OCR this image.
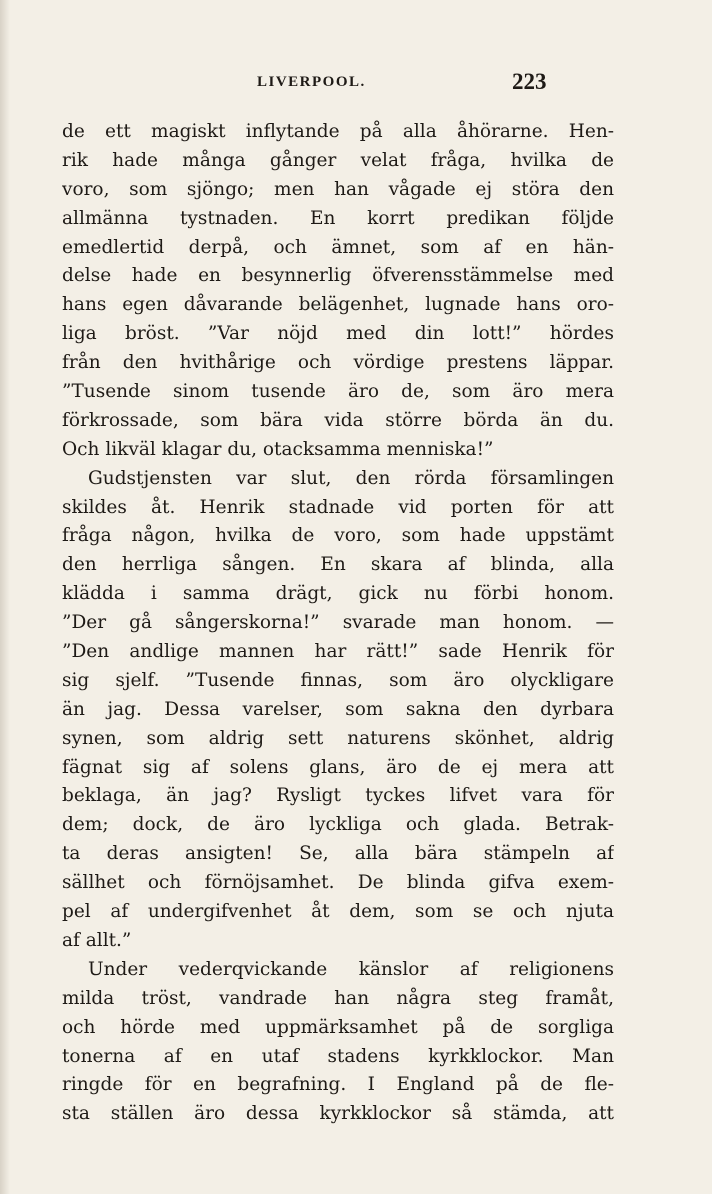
LIVERPOOL.	223
de ett magiskt inflytande på alla åhörarne. Hen-
rik hade många gånger velat fråga, hvilka de
voro, som sjöngo; men han vågade ej störa den
allmänna tystnaden. En korrt predikan följde
emedlertid derpå, och ämnet, som af en hän-
delse hade en besynnerlig öfverensstämmelse med
hans egen dåvarande belägenhet, lugnade hans oro-
liga bröst. ”Var nöjd med din lott!” hördes
från den hvithårige och vördige prestens läppar.
”Tusende sinom tusende äro de, som äro mera
förkrossade, som bära vida större börda än du.
Och likväl klagar du, otacksamma menniska!”
Gudstjensten var slut, den rörda församlingen
skildes åt. Henrik stadnade vid porten för att
fråga någon, hvilka de voro, som hade uppstämt
den herrliga sången. En skara af blinda, alla
klädda i samma drägt, gick nu förbi honom.
”Der gå sångerskorna!” svarade man honom. —
”Den andlige mannen har rätt!” sade Henrik för
sig sjelf. ”Tusende finnas, som äro olyckligare
än jag. Dessa varelser, som sakna den dyrbara
synen, som aldrig sett naturens skönhet, aldrig
fägnat sig af solens glans, äro de ej mera att
beklaga, än jag? Rysligt tyckes lifvet vara för
dem; dock, de äro lyckliga och glada. Betrak-
ta deras ansigten! Se, alla bära stämpeln af
sällhet och förnöjsamhet. De blinda gifva exem-
pel af undergifvenhet åt dem, som se och njuta
af allt.”
Under vederqvickande känslor af religionens
milda tröst, vandrade han några steg framåt,
och hörde med uppmärksamhet på de sorgliga
tonerna af en utaf stadens kyrkklockor. Man
ringde för en begrafning. I England på de fle-
sta ställen äro dessa kyrkklockor så stämda, att
